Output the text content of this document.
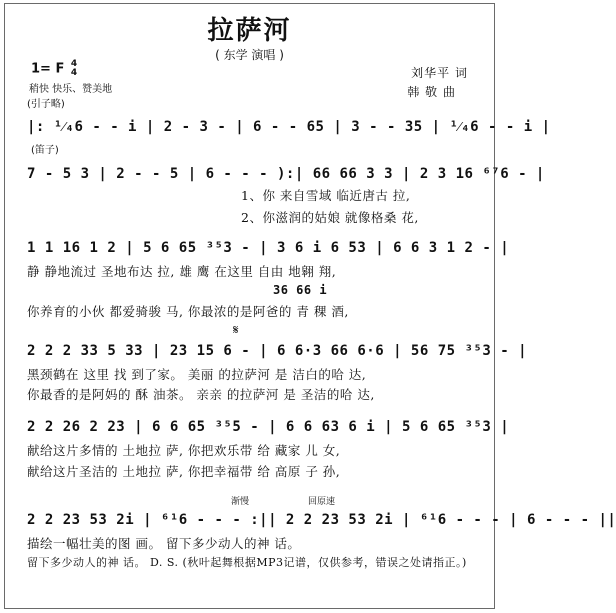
拉萨河
( 东学 演唱 )
1= F 4
4
稍快 快乐、赞美地
(引子略)
刘华平 词
韩 敬 曲
|: ¹⁄₄6 - - i | 2 - 3 - | 6 - - 65 | 3 - - 35 | ¹⁄₄6 - - i |
(笛子)
7 - 5 3 | 2 - - 5 | 6 - - - ):| 66 66 3 3 | 2 3 16 ⁶⁷6 - |
1、你 来自雪域 临近唐古 拉,
2、你滋润的姑娘 就像格桑 花,
1 1 16 1 2 | 5 6 65 ³⁵3 - | 3 6 i 6 53 | 6 6 3 1 2 - |
静 静地流过 圣地布达 拉, 雄 鹰 在这里 自由 地翱 翔,
36 66 i
你养育的小伙 都爱骑骏 马, 你最浓的是阿爸的 青 稞 酒,
𝄋
2 2 2 33 5 33 | 23 15 6 - | 6 6·3 66 6·6 | 56 75 ³⁵3 - |
黑颈鹤在 这里 找 到了家。 美丽 的拉萨河 是 洁白的哈 达,
你最香的是阿妈的 酥 油茶。 亲亲 的拉萨河 是 圣洁的哈 达,
2 2 26 2 23 | 6 6 65 ³⁵5 - | 6 6 63 6 i | 5 6 65 ³⁵3 |
献给这片多情的 土地拉 萨, 你把欢乐带 给 藏家 儿 女,
献给这片圣洁的 土地拉 萨, 你把幸福带 给 高原 子 孙,
渐慢	回原速
2 2 23 53 2i | ⁶¹6 - - - :|| 2 2 23 53 2i | ⁶¹6 - - - | 6 - - - ||
描绘一幅壮美的图 画。 留下多少动人的神 话。
留下多少动人的神 话。 D. S. (秋叶起舞根据MP3记谱，仅供参考，错误之处请指正。)
